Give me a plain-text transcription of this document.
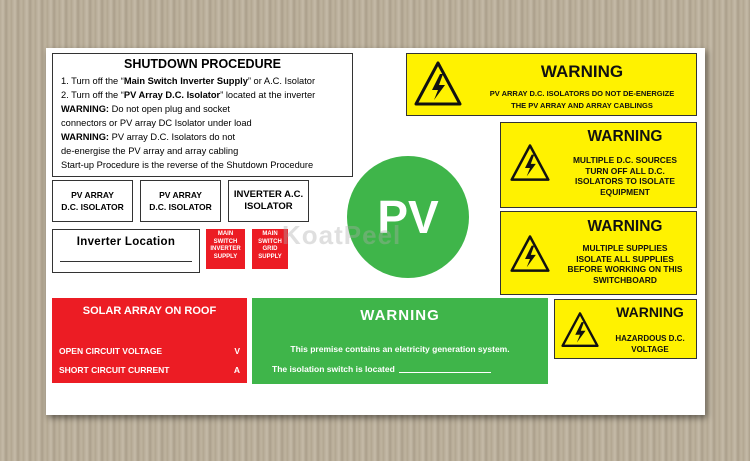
SHUTDOWN PROCEDURE

1. Turn off the “Main Switch Inverter Supply” or A.C. Isolator

2. Turn off the “PV Array D.C. Isolator” located at the inverter

WARNING: Do not open plug and socket

connectors or PV array DC Isolator under load

WARNING: PV array D.C. Isolators do not

de-energise the PV array and array cabling

Start-up Procedure is the reverse of the Shutdown Procedure

PV ARRAY
D.C. ISOLATOR
PV ARRAY
D.C. ISOLATOR
INVERTER A.C.
ISOLATOR
Inverter Location
MAIN
SWITCH
INVERTER
SUPPLY
MAIN
SWITCH
GRID
SUPPLY
PV
KoatPeel
WARNING
PV ARRAY D.C. ISOLATORS DO NOT DE-ENERGIZE
THE PV ARRAY AND ARRAY CABLINGS
WARNING
MULTIPLE D.C. SOURCES
TURN OFF ALL D.C.
ISOLATORS TO ISOLATE
EQUIPMENT
WARNING
MULTIPLE SUPPLIES
ISOLATE ALL SUPPLIES
BEFORE WORKING ON THIS
SWITCHBOARD
WARNING
HAZARDOUS D.C.
VOLTAGE
SOLAR ARRAY ON ROOF
OPEN CIRCUIT VOLTAGE	V
SHORT CIRCUIT CURRENT	A
WARNING
This premise contains an eletricity generation system.
The isolation switch is located
